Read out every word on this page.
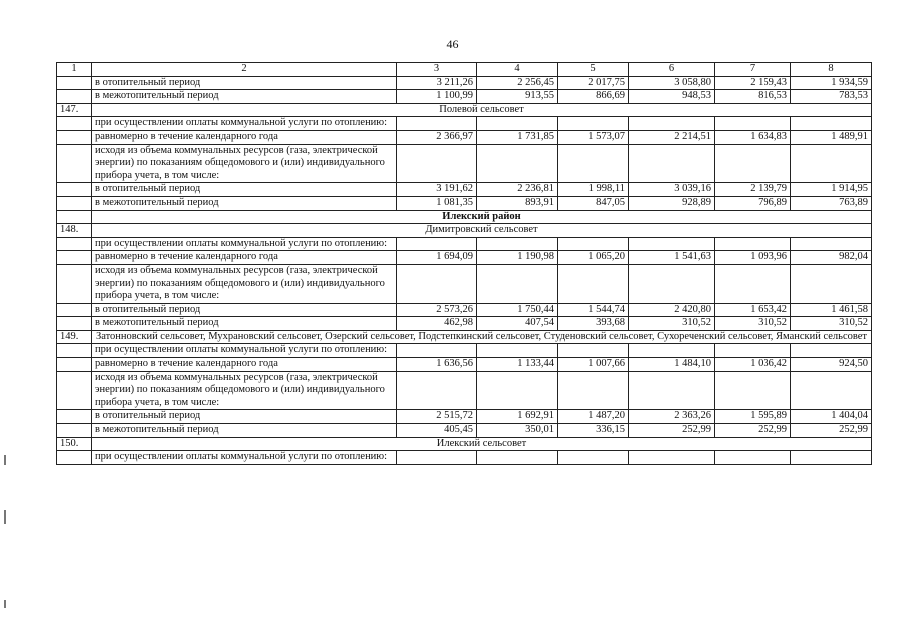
46
1	2	3	4	5	6	7	8
	в отопительный период	3 211,26	2 256,45	2 017,75	3 058,80	2 159,43	1 934,59
	в межотопительный период	1 100,99	913,55	866,69	948,53	816,53	783,53
147.	Полевой сельсовет						
	при осуществлении оплаты коммунальной услуги по отоплению:						
	равномерно в течение календарного года	2 366,97	1 731,85	1 573,07	2 214,51	1 634,83	1 489,91
	исходя из объема коммунальных ресурсов (газа, электрической энергии) по показаниям общедомового и (или) индивидуального прибора учета, в том числе:						
	в отопительный период	3 191,62	2 236,81	1 998,11	3 039,16	2 139,79	1 914,95
	в межотопительный период	1 081,35	893,91	847,05	928,89	796,89	763,89
	Илекский район						
148.	Димитровский сельсовет						
	при осуществлении оплаты коммунальной услуги по отоплению:						
	равномерно в течение календарного года	1 694,09	1 190,98	1 065,20	1 541,63	1 093,96	982,04
	исходя из объема коммунальных ресурсов (газа, электрической энергии) по показаниям общедомового и (или) индивидуального прибора учета, в том числе:						
	в отопительный период	2 573,26	1 750,44	1 544,74	2 420,80	1 653,42	1 461,58
	в межотопительный период	462,98	407,54	393,68	310,52	310,52	310,52
149.	Затонновский сельсовет, Мухрановский сельсовет, Озерский сельсовет, Подстепкинский сельсовет, Студеновский сельсовет, Сухореченский сельсовет, Яманский сельсовет						
	при осуществлении оплаты коммунальной услуги по отоплению:						
	равномерно в течение календарного года	1 636,56	1 133,44	1 007,66	1 484,10	1 036,42	924,50
	исходя из объема коммунальных ресурсов (газа, электрической энергии) по показаниям общедомового и (или) индивидуального прибора учета, в том числе:						
	в отопительный период	2 515,72	1 692,91	1 487,20	2 363,26	1 595,89	1 404,04
	в межотопительный период	405,45	350,01	336,15	252,99	252,99	252,99
150.	Илекский сельсовет						
	при осуществлении оплаты коммунальной услуги по отоплению:						
